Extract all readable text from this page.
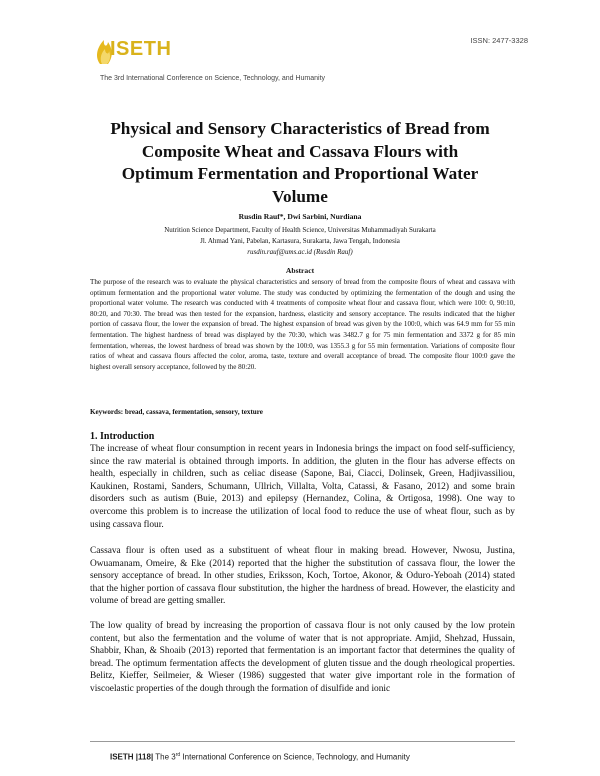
ISETH	ISSN: 2477-3328
The 3rd International Conference on Science, Technology, and Humanity
Physical and Sensory Characteristics of Bread from
Composite Wheat and Cassava Flours with
Optimum Fermentation and Proportional Water
Volume
Rusdin Rauf*, Dwi Sarbini, Nurdiana
Nutrition Science Department, Faculty of Health Science, Universitas Muhammadiyah Surakarta
Jl. Ahmad Yani, Pabelan, Kartasura, Surakarta, Jawa Tengah, Indonesia
rusdin.rauf@ums.ac.id (Rusdin Rauf)
Abstract
The purpose of the research was to evaluate the physical characteristics and sensory of bread from the composite flours of wheat and cassava with optimum fermentation and the proportional water volume. The study was conducted by optimizing the fermentation of the dough and using the proportional water volume. The research was conducted with 4 treatments of composite wheat flour and cassava flour, which were 100: 0, 90:10, 80:20, and 70:30. The bread was then tested for the expansion, hardness, elasticity and sensory acceptance. The results indicated that the higher portion of cassava flour, the lower the expansion of bread. The highest expansion of bread was given by the 100:0, which was 64.9 mm for 55 min fermentation. The highest hardness of bread was displayed by the 70:30, which was 3482.7 g for 75 min fermentation and 3372 g for 85 min fermentation, whereas, the lowest hardness of bread was shown by the 100:0, was 1355.3 g for 55 min fermentation. Variations of composite flour ratios of wheat and cassava flours affected the color, aroma, taste, texture and overall acceptance of bread. The composite flour 100:0 gave the highest overall sensory acceptance, followed by the 80:20.
Keywords: bread, cassava, fermentation, sensory, texture
1. Introduction
The increase of wheat flour consumption in recent years in Indonesia brings the impact on food self-sufficiency, since the raw material is obtained through imports. In addition, the gluten in the flour has adverse effects on health, especially in children, such as celiac disease (Sapone, Bai, Ciacci, Dolinsek, Green, Hadjivassiliou, Kaukinen, Rostami, Sanders, Schumann, Ullrich, Villalta, Volta, Catassi, & Fasano, 2012) and some brain disorders such as autism (Buie, 2013) and epilepsy (Hernandez, Colina, & Ortigosa, 1998). One way to overcome this problem is to increase the utilization of local food to reduce the use of wheat flour, such as by using cassava flour.
Cassava flour is often used as a substituent of wheat flour in making bread. However, Nwosu, Justina, Owuamanam, Omeire, & Eke (2014) reported that the higher the substitution of cassava flour, the lower the sensory acceptance of bread. In other studies, Eriksson, Koch, Tortoe, Akonor, & Oduro-Yeboah (2014) stated that the higher portion of cassava flour substitution, the higher the hardness of bread. However, the elasticity and volume of bread are getting smaller.
The low quality of bread by increasing the proportion of cassava flour is not only caused by the low protein content, but also the fermentation and the volume of water that is not appropriate. Amjid, Shehzad, Hussain, Shabbir, Khan, & Shoaib (2013) reported that fermentation is an important factor that determines the quality of bread. The optimum fermentation affects the development of gluten tissue and the dough rheological properties. Belitz, Kieffer, Seilmeier, & Wieser (1986) suggested that water give important role in the formation of viscoelastic properties of the dough through the formation of disulfide and ionic
ISETH |118| The 3rd International Conference on Science, Technology, and Humanity
